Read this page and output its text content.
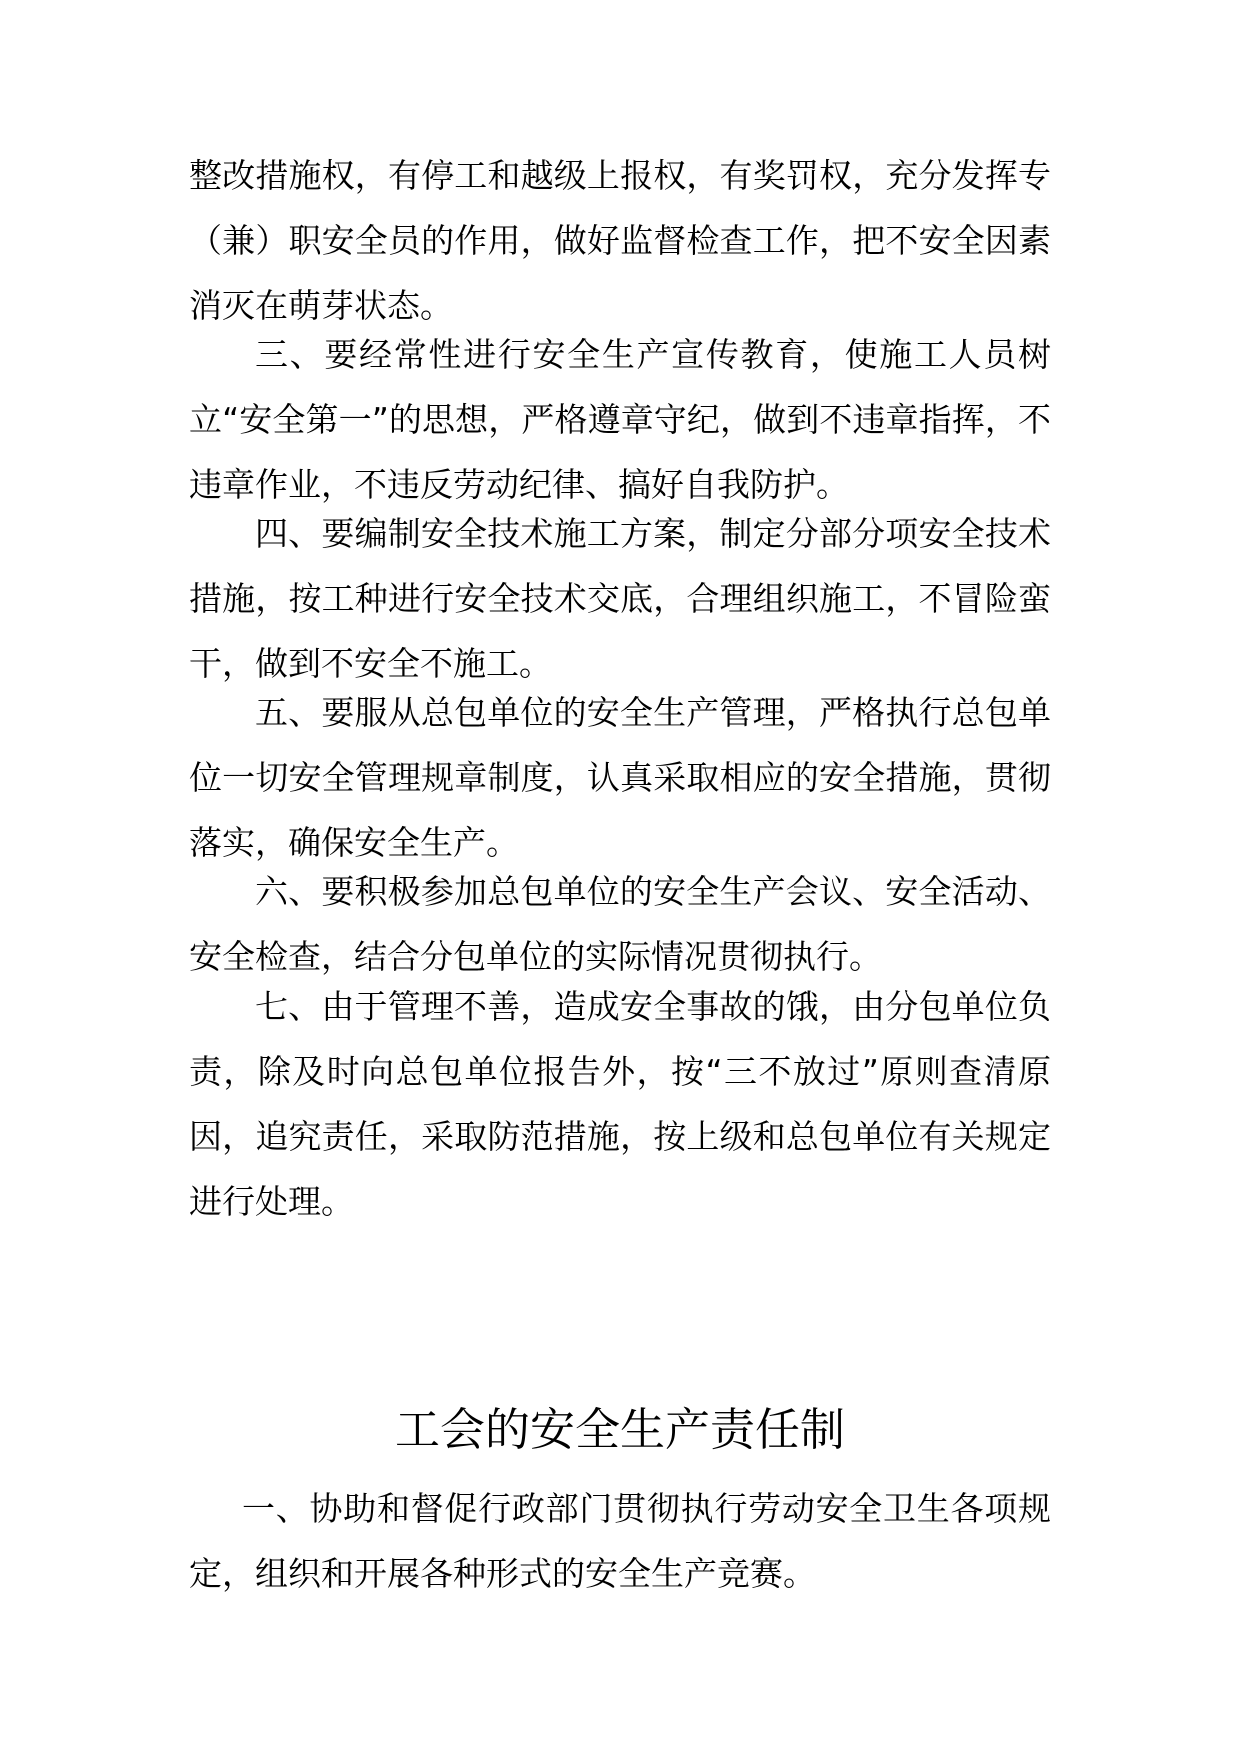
整改措施权，有停工和越级上报权，有奖罚权，充分发挥专（兼）职安全员的作用，做好监督检查工作，把不安全因素消灭在萌芽状态。

三、要经常性进行安全生产宣传教育，使施工人员树立“安全第一”的思想，严格遵章守纪，做到不违章指挥，不违章作业，不违反劳动纪律、搞好自我防护。

四、要编制安全技术施工方案，制定分部分项安全技术措施，按工种进行安全技术交底，合理组织施工，不冒险蛮干，做到不安全不施工。

五、要服从总包单位的安全生产管理，严格执行总包单位一切安全管理规章制度，认真采取相应的安全措施，贯彻落实，确保安全生产。

六、要积极参加总包单位的安全生产会议、安全活动、安全检查，结合分包单位的实际情况贯彻执行。

七、由于管理不善，造成安全事故的饿，由分包单位负责，除及时向总包单位报告外，按“三不放过”原则查清原因，追究责任，采取防范措施，按上级和总包单位有关规定进行处理。

工会的安全生产责任制

一、协助和督促行政部门贯彻执行劳动安全卫生各项规定，组织和开展各种形式的安全生产竞赛。
